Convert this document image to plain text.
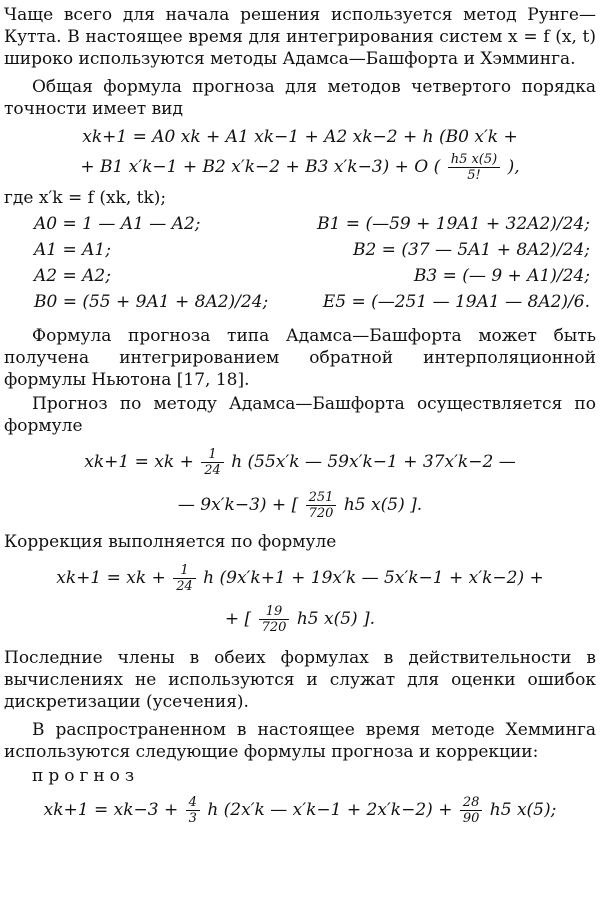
Чаще всего для начала решения используется метод Рунге—Кутта. В настоящее время для интегрирования систем x = f (x, t) широко используются методы Адамса—Башфорта и Хэмминга.

Общая формула прогноза для методов четвертого порядка точности имеет вид

xk+1 = A0 xk + A1 xk−1 + A2 xk−2 + h (B0 x′k +
+ B1 x′k−1 + B2 x′k−2 + B3 x′k−3) + O ( $\frac{h5 x(5)}{5!}$ ),

где x′k = f (xk, tk);

A0 = 1 — A1 — A2;	B1 = (—59 + 19A1 + 32A2)/24;
A1 = A1;	B2 = (37 — 5A1 + 8A2)/24;
A2 = A2;	B3 = (— 9 + A1)/24;
B0 = (55 + 9A1 + 8A2)/24;	E5 = (—251 — 19A1 — 8A2)/6.

Формула прогноза типа Адамса—Башфорта может быть получена интегрированием обратной интерполяционной формулы Ньютона [17, 18].

Прогноз по методу Адамса—Башфорта осуществляется по формуле

xk+1 = xk + $\frac{1}{24}$ h (55x′k — 59x′k−1 + 37x′k−2 —
— 9x′k−3) + [ $\frac{251}{720} h5$ x(5) ].

Коррекция выполняется по формуле

xk+1 = xk + $\frac{1}{24}$ h (9x′k+1 + 19x′k — 5x′k−1 + x′k−2) +
+ [ $\frac{19}{720} h5$ x(5) ].

Последние члены в обеих формулах в действительности в вычислениях не используются и служат для оценки ошибок дискретизации (усечения).

В распространенном в настоящее время методе Хемминга используются следующие формулы прогноза и коррекции:

прогноз

$xk+1 = xk-3 + \frac{4}{3}$ h (2x′k — $x'k-1 + 2x'k-2) + \frac{28}{90} h5$ x(5);
